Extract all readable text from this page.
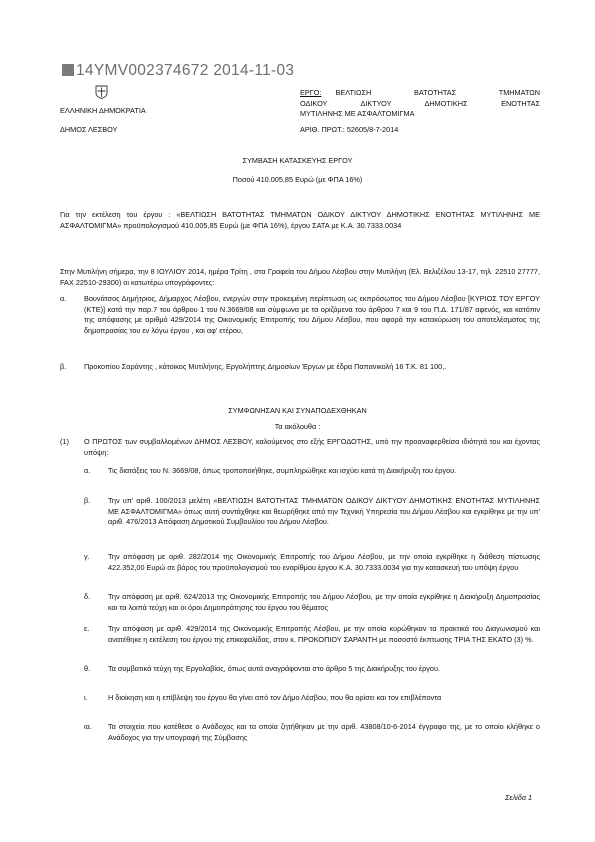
14ΥΜV002374672 2014-11-03
ΕΛΛΗΝΙΚΗ ΔΗΜΟΚΡΑΤΙΑ
ΔΗΜΟΣ ΛΕΣΒΟΥ
ΕΡΓΟ: ΒΕΛΤΙΩΣΗ ΒΑΤΟΤΗΤΑΣ ΤΜΗΜΑΤΩΝ
ΟΔΙΚΟΥ ΔΙΚΤΥΟΥ ΔΗΜΟΤΙΚΗΣ ΕΝΟΤΗΤΑΣ
ΜΥΤΙΛΗΝΗΣ ΜΕ ΑΣΦΑΛΤΟΜΙΓΜΑ
ΑΡΙΘ. ΠΡΩΤ.: 52605/8-7-2014
ΣΥΜΒΑΣΗ ΚΑΤΑΣΚΕΥΗΣ ΕΡΓΟΥ
Ποσού 410.005,85 Ευρώ (με ΦΠΑ 16%)
Για την εκτέλεση του έργου : «ΒΕΛΤΙΩΣΗ ΒΑΤΟΤΗΤΑΣ ΤΜΗΜΑΤΩΝ ΟΔΙΚΟΥ ΔΙΚΤΥΟΥ ΔΗΜΟΤΙΚΗΣ ΕΝΟΤΗΤΑΣ ΜΥΤΙΛΗΝΗΣ ΜΕ ΑΣΦΑΛΤΟΜΙΓΜΑ» προϋπολογισμού 410.005,85 Ευρώ (με ΦΠΑ 16%), έργου ΣΑΤΑ με Κ.Α. 30.7333.0034
Στην Μυτιλήνη σήμερα, την 8 ΙΟΥΛΙΟΥ 2014, ημέρα Τρίτη , στα Γραφεία του Δήμου Λέσβου στην Μυτιλήνη (Ελ. Βελιζέλου 13-17, τηλ. 22510 27777, FAX 22510-29300) οι κατωτέρω υπογράφοντες:
α.	Βουνάτσος Δημήτριος, Δήμαρχος Λέσβου, ενεργών στην προκειμένη περίπτωση ως εκπρόσωπος του Δήμου Λέσβου [ΚΥΡΙΟΣ ΤΟΥ ΕΡΓΟΥ (ΚΤΕ)] κατά την παρ.7 του άρθρου 1 του Ν.3669/08 και σύμφωνα με τα οριζόμενα του άρθρου 7 και 9 του Π.Δ. 171/87 αφενός, και κατόπιν της απόφασης με αριθμό 429/2014 της Οικονομικής Επιτροπής του Δήμου Λέσβου, που αφορά την κατακύρωση του αποτελέσματος της δημοπρασίας του εν λόγω έργου , και αφ' ετέρου,
β.	Προκοπίου Σαράντης , κάτοικος Μυτιλήνης, Εργολήπτης Δημοσίων Έργων με έδρα Παπανικολή 16 Τ.Κ. 81 100,.
ΣΥΜΦΩΝΗΣΑΝ ΚΑΙ ΣΥΝΑΠΟΔΕΧΘΗΚΑΝ
Τα ακόλουθα :
(1)	Ο ΠΡΩΤΟΣ των συμβαλλομένων ΔΗΜΟΣ ΛΕΣΒΟΥ, καλούμενος στο εξής ΕΡΓΟΔΟΤΗΣ, υπό την προαναφερθείσα ιδιότητά του και έχοντας υπόψη:
α.	Τις διατάξεις του Ν. 3669/08, όπως τροποποιήθηκε, συμπληρώθηκε και ισχύει κατά τη Διακήρυξη του έργου.
β.	Την υπ' αριθ. 100/2013 μελέτη «ΒΕΛΤΙΩΣΗ ΒΑΤΟΤΗΤΑΣ ΤΜΗΜΑΤΩΝ ΟΔΙΚΟΥ ΔΙΚΤΥΟΥ ΔΗΜΟΤΙΚΗΣ ΕΝΟΤΗΤΑΣ ΜΥΤΙΛΗΝΗΣ ΜΕ ΑΣΦΑΛΤΟΜΙΓΜΑ» όπως αυτή συντάχθηκε και θεωρήθηκε από την Τεχνική Υπηρεσία του Δήμου Λέσβου και εγκρίθηκε με την υπ' αριθ. 476/2013 Απόφαση Δημοτικού Συμβουλίου του Δήμου Λέσβου.
γ.	Την απόφαση με αριθ. 282/2014 της Οικονομικής Επιτροπής του Δήμου Λέσβου, με την οποία εγκρίθηκε η διάθεση πίστωσης 422.352,00 Ευρώ σε βάρος του προϋπολογισμού του εναρίθμου έργου Κ.Α. 30.7333.0034 για την κατασκευή του υπόψη έργου
δ.	Την απόφαση με αριθ. 624/2013 της Οικονομικής Επιτροπής του Δήμου Λέσβου, με την οποία εγκρίθηκε η Διακήρυξη Δημοπρασίας και τα λοιπά τεύχη και οι όροι Δημοπράτησης του έργου του θέματος
ε.	Την απόφαση με αριθ. 429/2014 της Οικονομικής Επιτροπής Λέσβου, με την οποία κυρώθηκαν τα πρακτικά του Διαγωνισμού και ανατέθηκε η εκτέλεση του έργου της επικεφαλίδας, στον κ. ΠΡΟΚΟΠΙΟΥ ΣΑΡΑΝΤΗ με ποσοστό έκπτωσης ΤΡΙΑ ΤΗΣ ΕΚΑΤΟ (3) %.
θ.	Τα συμβατικά τεύχη της Εργολαβίας, όπως αυτά αναγράφονται στο άρθρο 5 της Διακήρυξης του έργου.
ι.	Η διοίκηση και η επίβλεψη του έργου θα γίνει από τον Δήμο Λέσβου, που θα ορίσει και τον επιβλέποντα
ια.	Τα στοιχεία που κατέθεσε ο Ανάδοχος και τα οποία ζητήθηκαν με την αριθ. 43808/10-6-2014 έγγραφο της, με το οποίο κλήθηκε ο Ανάδοχος για την υπογραφή της Σύμβασης
Σελίδα 1
